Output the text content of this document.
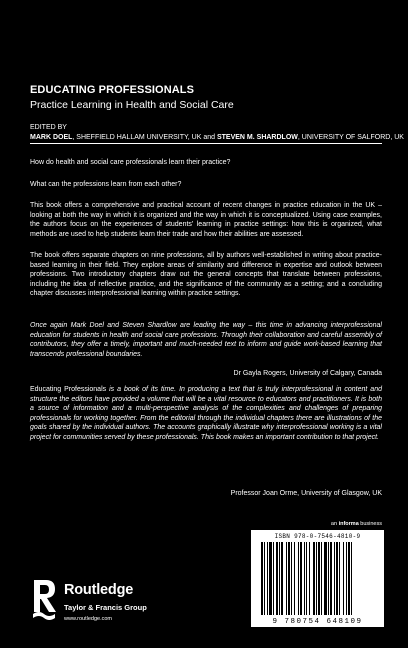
EDUCATING PROFESSIONALS
Practice Learning in Health and Social Care
EDITED BY
MARK DOEL, SHEFFIELD HALLAM UNIVERSITY, UK and STEVEN M. SHARDLOW, UNIVERSITY OF SALFORD, UK
How do health and social care professionals learn their practice?
What can the professions learn from each other?
This book offers a comprehensive and practical account of recent changes in practice education in the UK – looking at both the way in which it is organized and the way in which it is conceptualized. Using case examples, the authors focus on the experiences of students' learning in practice settings: how this is organized, what methods are used to help students learn their trade and how their abilities are assessed.
The book offers separate chapters on nine professions, all by authors well-established in writing about practice-based learning in their field. They explore areas of similarity and difference in expertise and outlook between professions. Two introductory chapters draw out the general concepts that translate between professions, including the idea of reflective practice, and the significance of the community as a setting; and a concluding chapter discusses interprofessional learning within practice settings.
Once again Mark Doel and Steven Shardlow are leading the way – this time in advancing interprofessional education for students in health and social care professions. Through their collaboration and careful assembly of contributors, they offer a timely, important and much-needed text to inform and guide work-based learning that transcends professional boundaries.
Dr Gayla Rogers, University of Calgary, Canada
Educating Professionals is a book of its time. In producing a text that is truly interprofessional in content and structure the editors have provided a volume that will be a vital resource to educators and practitioners. It is both a source of information and a multi-perspective analysis of the complexities and challenges of preparing professionals for working together. From the editorial through the individual chapters there are illustrations of the goals shared by the individual authors. The accounts graphically illustrate why interprofessional working is a vital project for communities served by these professionals. This book makes an important contribution to that project.
Professor Joan Orme, University of Glasgow, UK
an informa business
ISBN 978-0-7546-4810-9
9 780754 648109
Routledge
Taylor & Francis Group
www.routledge.com
